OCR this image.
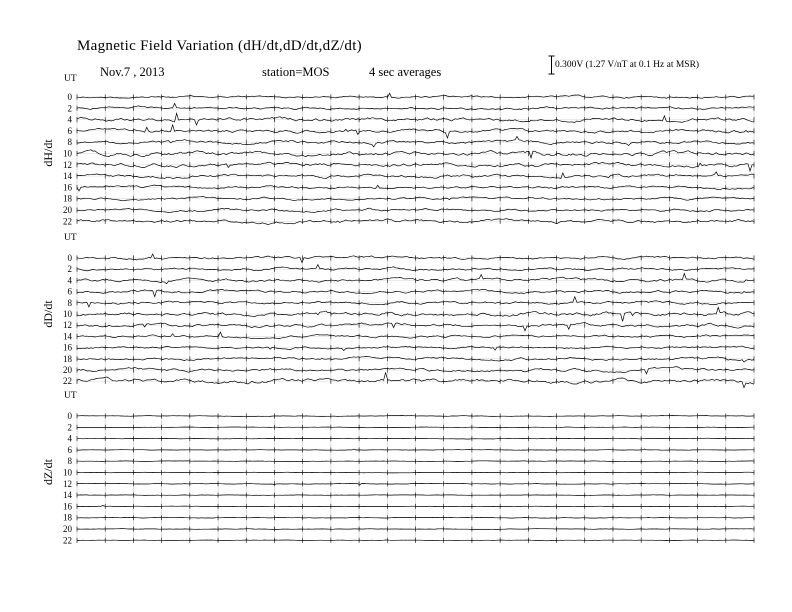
Magnetic Field Variation (dH/dt,dD/dt,dZ/dt)
Nov.7 , 2013	station=MOS	4 sec averages	0.300V (1.27 V/nT at 0.1 Hz at MSR)
UT
dH/dt
0
2
4
6
8
10
12
14
16
18
20
22
UT
dD/dt
0
2
4
6
8
10
12
14
16
18
20
22
UT
dZ/dt
0
2
4
6
8
10
12
14
16
18
20
22
